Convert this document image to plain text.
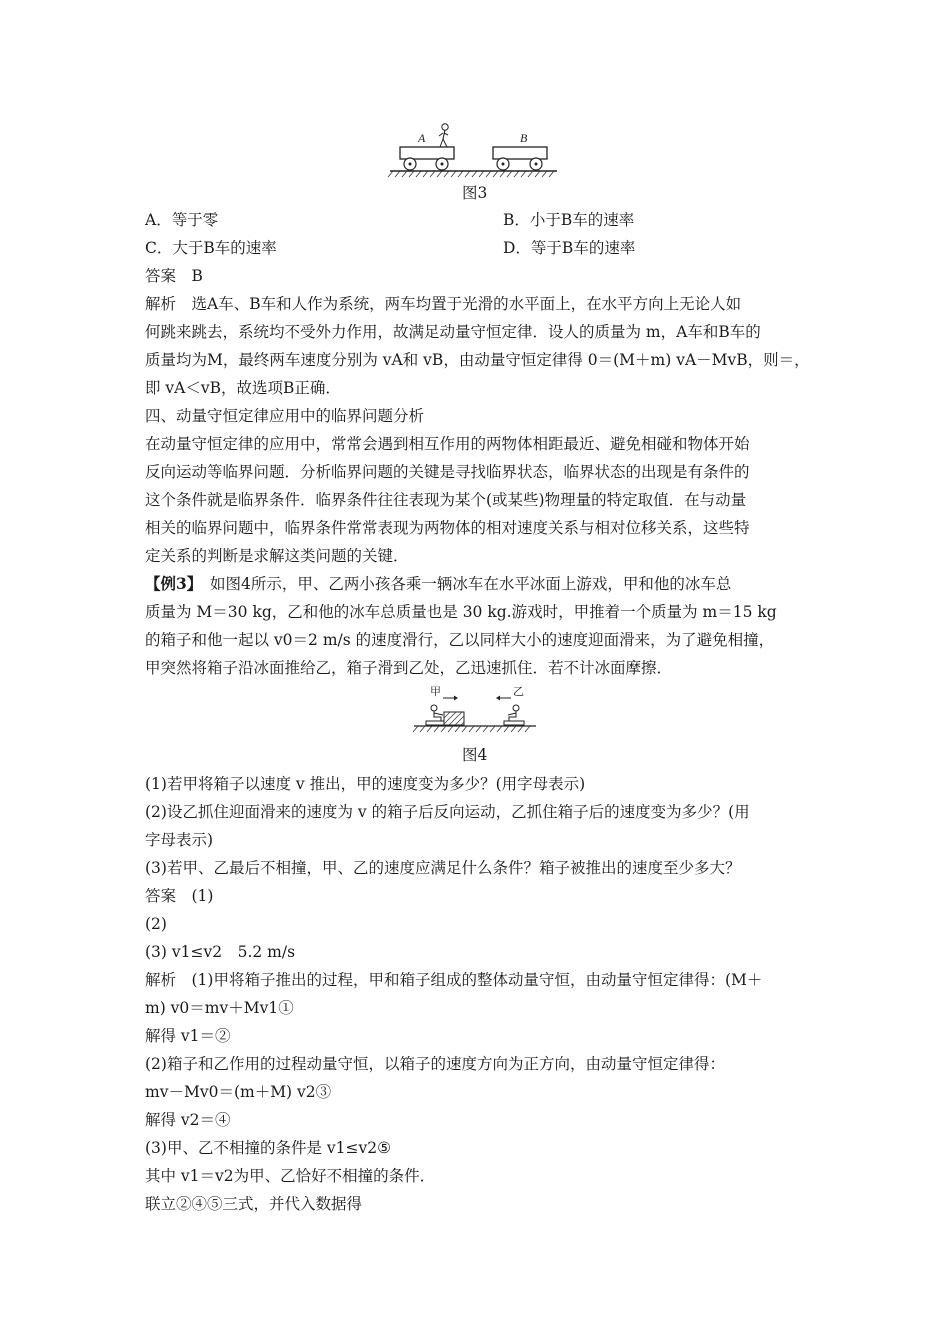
A	B
图3
A．等于零	B．小于B车的速率
C．大于B车的速率	D．等于B车的速率
答案　B
解析　选A车、B车和人作为系统，两车均置于光滑的水平面上，在水平方向上无论人如
何跳来跳去，系统均不受外力作用，故满足动量守恒定律．设人的质量为 m，A车和B车的
质量均为M，最终两车速度分别为 vA和 vB，由动量守恒定律得 0＝(M＋m) vA－MvB，则＝，
即 vA＜vB，故选项B正确．
四、动量守恒定律应用中的临界问题分析
在动量守恒定律的应用中，常常会遇到相互作用的两物体相距最近、避免相碰和物体开始
反向运动等临界问题．分析临界问题的关键是寻找临界状态，临界状态的出现是有条件的
这个条件就是临界条件．临界条件往往表现为某个(或某些)物理量的特定取值．在与动量
相关的临界问题中，临界条件常常表现为两物体的相对速度关系与相对位移关系，这些特
定关系的判断是求解这类问题的关键．
【例3】　如图4所示，甲、乙两小孩各乘一辆冰车在水平冰面上游戏，甲和他的冰车总
质量为 M＝30 kg，乙和他的冰车总质量也是 30 kg.游戏时，甲推着一个质量为 m＝15 kg
的箱子和他一起以 v0＝2 m/s 的速度滑行，乙以同样大小的速度迎面滑来，为了避免相撞，
甲突然将箱子沿冰面推给乙，箱子滑到乙处，乙迅速抓住．若不计冰面摩擦．
甲	乙
图4
(1)若甲将箱子以速度 v 推出，甲的速度变为多少？(用字母表示)
(2)设乙抓住迎面滑来的速度为 v 的箱子后反向运动，乙抓住箱子后的速度变为多少？(用
字母表示)
(3)若甲、乙最后不相撞，甲、乙的速度应满足什么条件？箱子被推出的速度至少多大？
答案　(1)
(2)
(3) v1≤v2　5.2 m/s
解析　(1)甲将箱子推出的过程，甲和箱子组成的整体动量守恒，由动量守恒定律得：(M＋
m) v0＝mv＋Mv1①
解得 v1＝②
(2)箱子和乙作用的过程动量守恒，以箱子的速度方向为正方向，由动量守恒定律得：
mv－Mv0＝(m＋M) v2③
解得 v2＝④
(3)甲、乙不相撞的条件是 v1≤v2⑤
其中 v1＝v2为甲、乙恰好不相撞的条件．
联立②④⑤三式，并代入数据得
